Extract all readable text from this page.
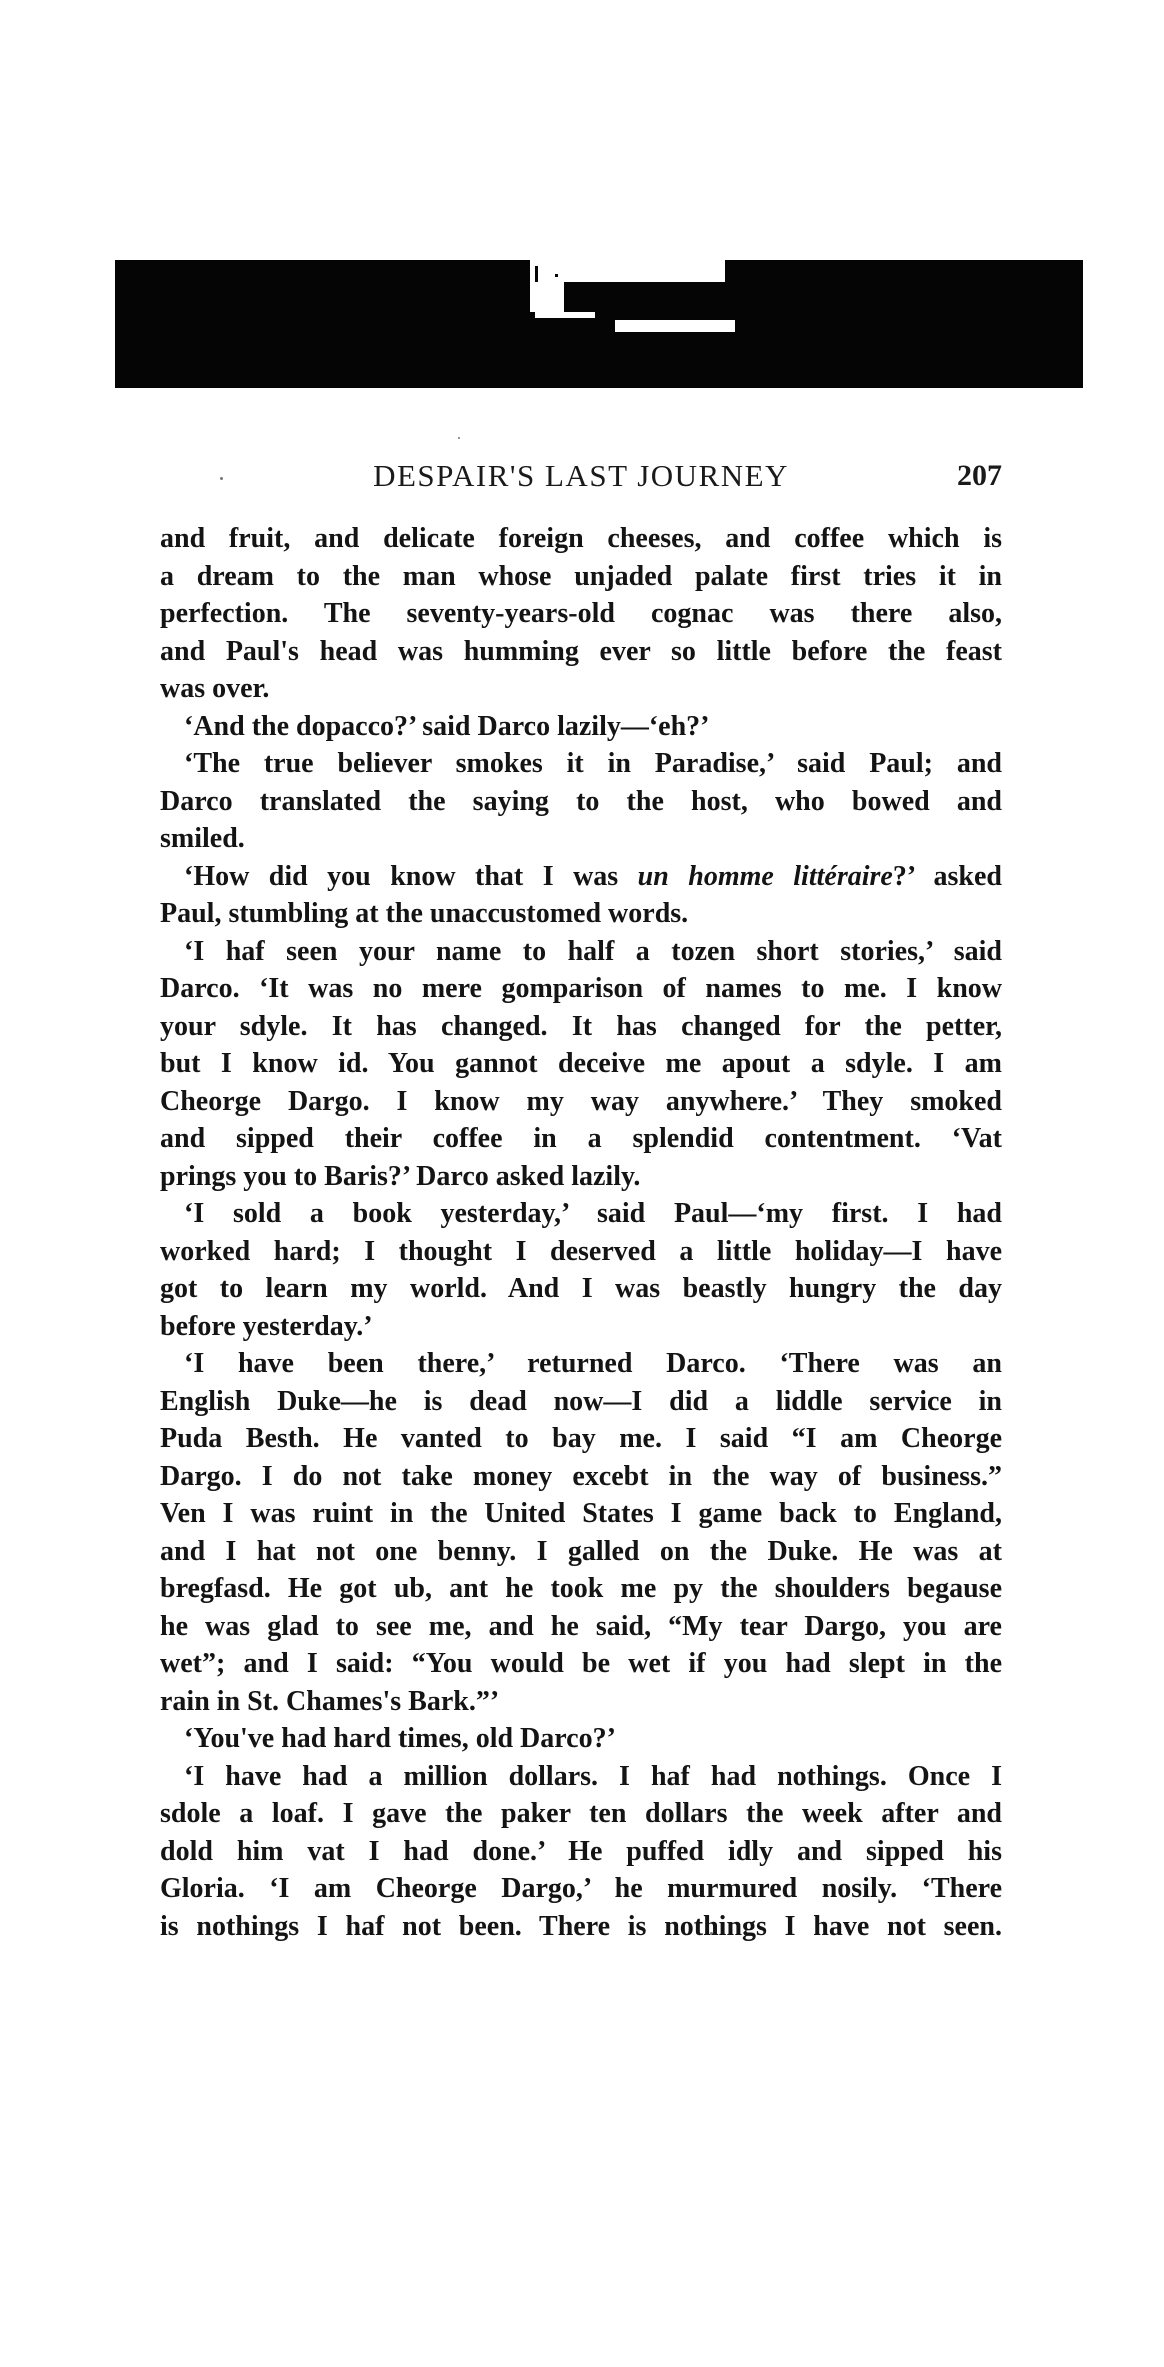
DESPAIR'S LAST JOURNEY	207
and fruit, and delicate foreign cheeses, and coffee which is
a dream to the man whose unjaded palate first tries it in
perfection. The seventy-years-old cognac was there also,
and Paul's head was humming ever so little before the feast
was over.
‘And the dopacco?’ said Darco lazily—‘eh?’
‘The true believer smokes it in Paradise,’ said Paul; and
Darco translated the saying to the host, who bowed and
smiled.
‘How did you know that I was un homme littéraire?’ asked
Paul, stumbling at the unaccustomed words.
‘I haf seen your name to half a tozen short stories,’ said
Darco. ‘It was no mere gomparison of names to me. I know
your sdyle. It has changed. It has changed for the petter,
but I know id. You gannot deceive me apout a sdyle. I am
Cheorge Dargo. I know my way anywhere.’ They smoked
and sipped their coffee in a splendid contentment. ‘Vat
prings you to Baris?’ Darco asked lazily.
‘I sold a book yesterday,’ said Paul—‘my first. I had
worked hard; I thought I deserved a little holiday—I have
got to learn my world. And I was beastly hungry the day
before yesterday.’
‘I have been there,’ returned Darco. ‘There was an
English Duke—he is dead now—I did a liddle service in
Puda Besth. He vanted to bay me. I said “I am Cheorge
Dargo. I do not take money excebt in the way of business.”
Ven I was ruint in the United States I game back to England,
and I hat not one benny. I galled on the Duke. He was at
bregfasd. He got ub, ant he took me py the shoulders begause
he was glad to see me, and he said, “My tear Dargo, you are
wet”; and I said: “You would be wet if you had slept in the
rain in St. Chames's Bark.”’
‘You've had hard times, old Darco?’
‘I have had a million dollars. I haf had nothings. Once I
sdole a loaf. I gave the paker ten dollars the week after and
dold him vat I had done.’ He puffed idly and sipped his
Gloria. ‘I am Cheorge Dargo,’ he murmured nosily. ‘There
is nothings I haf not been. There is nothings I have not seen.
